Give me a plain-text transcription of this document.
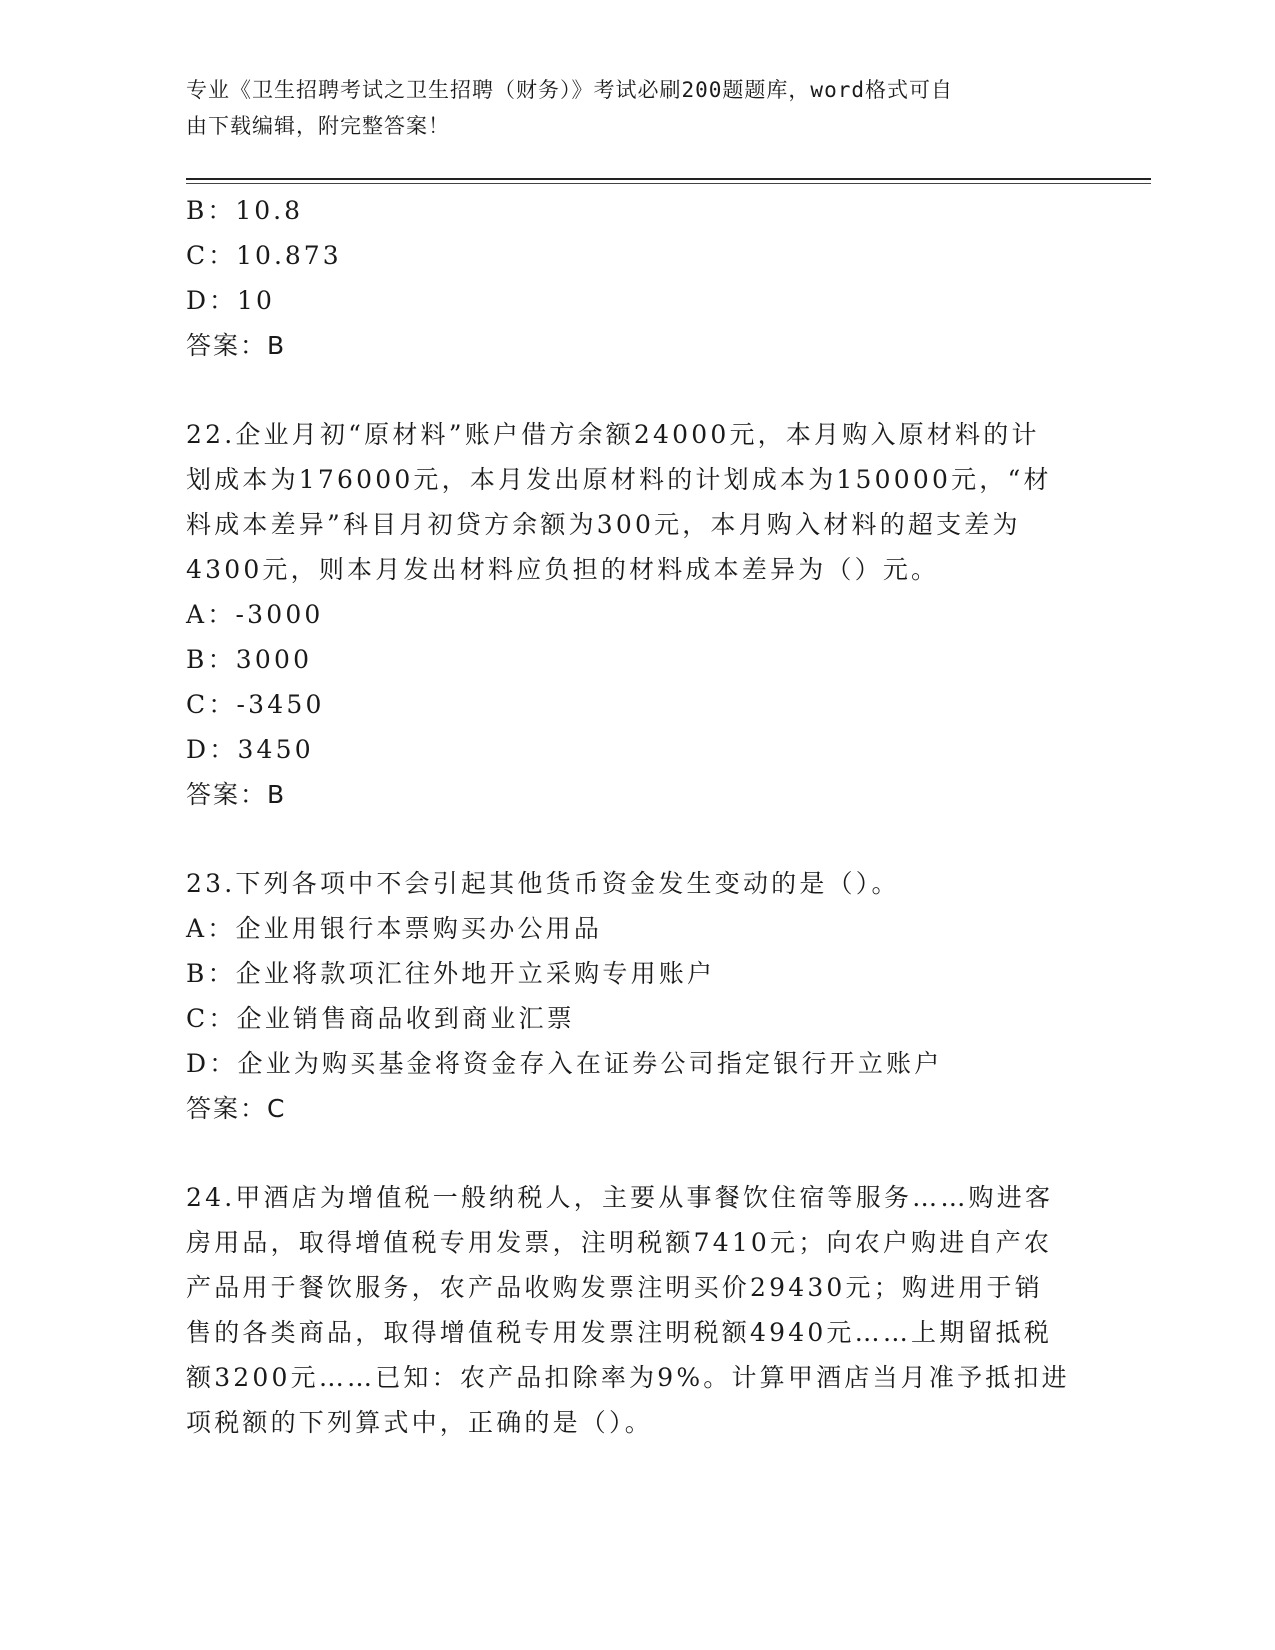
专业《卫生招聘考试之卫生招聘（财务）》考试必刷200题题库，word格式可自
由下载编辑，附完整答案！
B：10.8
C：10.873
D：10
答案：B
22.企业月初“原材料”账户借方余额24000元，本月购入原材料的计
划成本为176000元，本月发出原材料的计划成本为150000元，“材
料成本差异”科目月初贷方余额为300元，本月购入材料的超支差为
4300元，则本月发出材料应负担的材料成本差异为（）元。
A：-3000
B：3000
C：-3450
D：3450
答案：B
23.下列各项中不会引起其他货币资金发生变动的是（）。
A：企业用银行本票购买办公用品
B：企业将款项汇往外地开立采购专用账户
C：企业销售商品收到商业汇票
D：企业为购买基金将资金存入在证券公司指定银行开立账户
答案：C
24.甲酒店为增值税一般纳税人，主要从事餐饮住宿等服务……购进客
房用品，取得增值税专用发票，注明税额7410元；向农户购进自产农
产品用于餐饮服务，农产品收购发票注明买价29430元；购进用于销
售的各类商品，取得增值税专用发票注明税额4940元……上期留抵税
额3200元……已知：农产品扣除率为9%。计算甲酒店当月准予抵扣进
项税额的下列算式中，正确的是（）。
